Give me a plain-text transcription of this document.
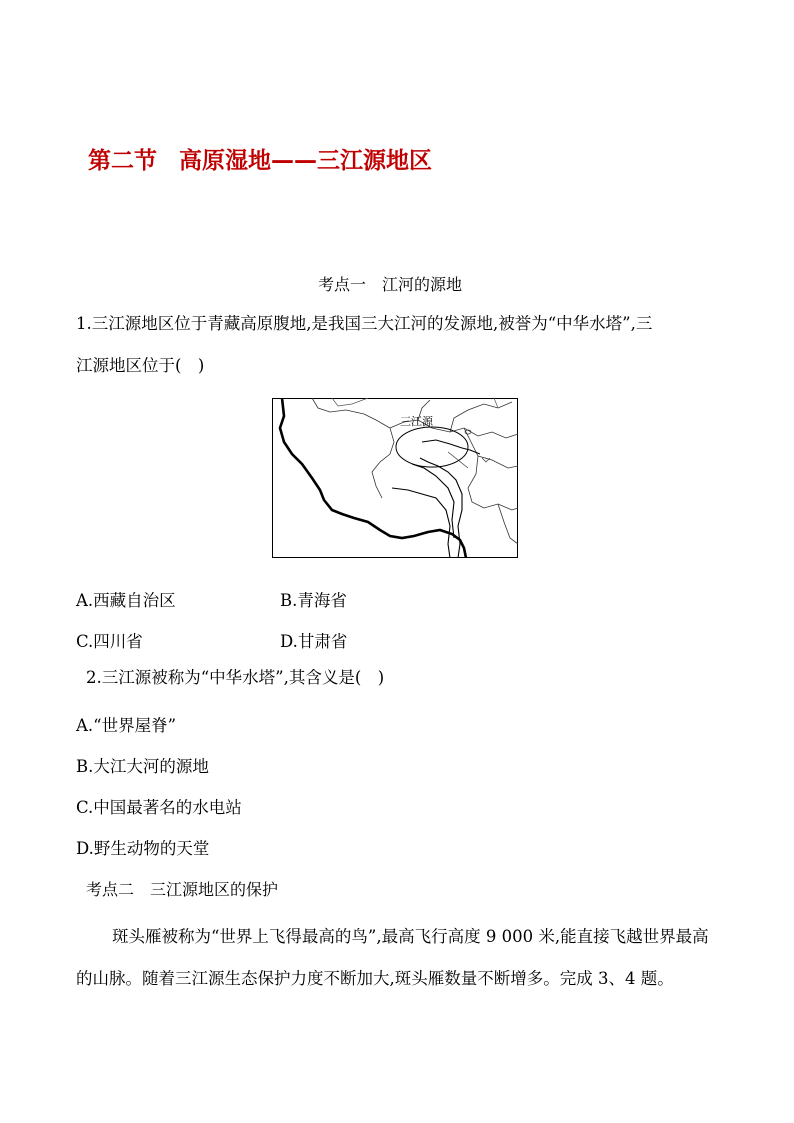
第二节 高原湿地——三江源地区
考点一 江河的源地
1.三江源地区位于青藏高原腹地,是我国三大江河的发源地,被誉为“中华水塔”,三
江源地区位于(　)
三江源
A.西藏自治区	B.青海省
C.四川省	D.甘肃省
2.三江源被称为“中华水塔”,其含义是(　)
A.“世界屋脊”
B.大江大河的源地
C.中国最著名的水电站
D.野生动物的天堂
考点二 三江源地区的保护
斑头雁被称为“世界上飞得最高的鸟”,最高飞行高度 9 000 米,能直接飞越世界最高的山脉。随着三江源生态保护力度不断加大,斑头雁数量不断增多。完成 3、4 题。
